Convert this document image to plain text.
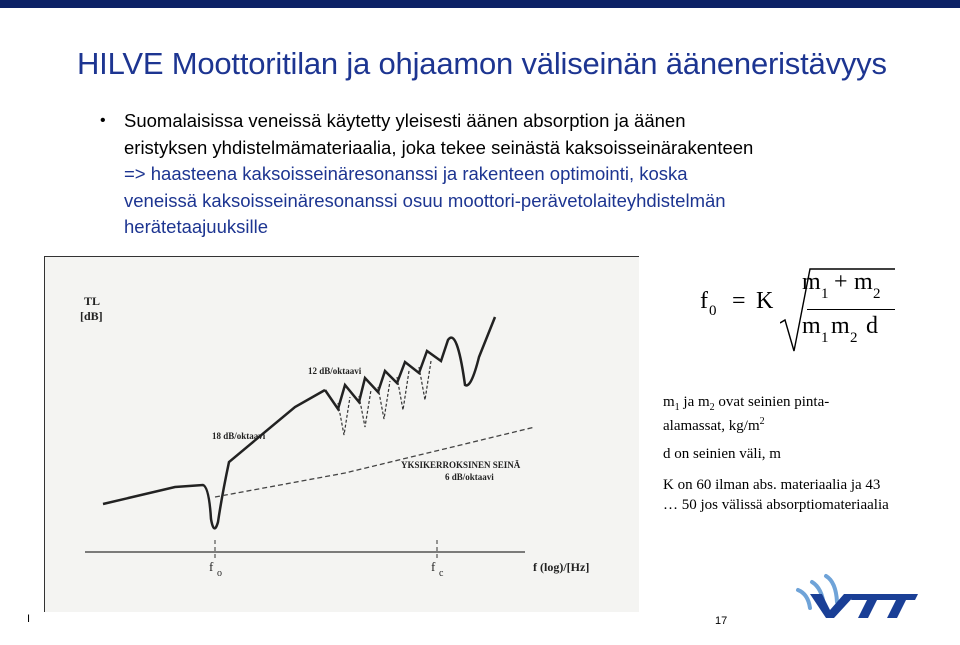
HILVE Moottoritilan ja ohjaamon väliseinän ääneneristävyys
• Suomalaisissa veneissä käytetty yleisesti äänen absorption ja äänen
eristyksen yhdistelmämateriaalia, joka tekee seinästä kaksoisseinärakenteen
=> haasteena kaksoisseinäresonanssi ja rakenteen optimointi, koska
veneissä kaksoisseinäresonanssi osuu moottori-perävetolaiteyhdistelmän
herätetaajuuksille
TL
[dB]
f o	f c	f (log)/[Hz]
12 dB/oktaavi
18 dB/oktaavi
YKSIKERROKSINEN SEINÄ
6 dB/oktaavi
f 0 = K
m 1 + m 2
m 1 m 2 d
$m_1$ ja $m_2$ ovat seinien pinta-
alamassat, $kg/m^2$
d on seinien väli, m
K on 60 ilman abs. materiaalia ja 43
… 50 jos välissä absorptiomateriaalia
17
I
